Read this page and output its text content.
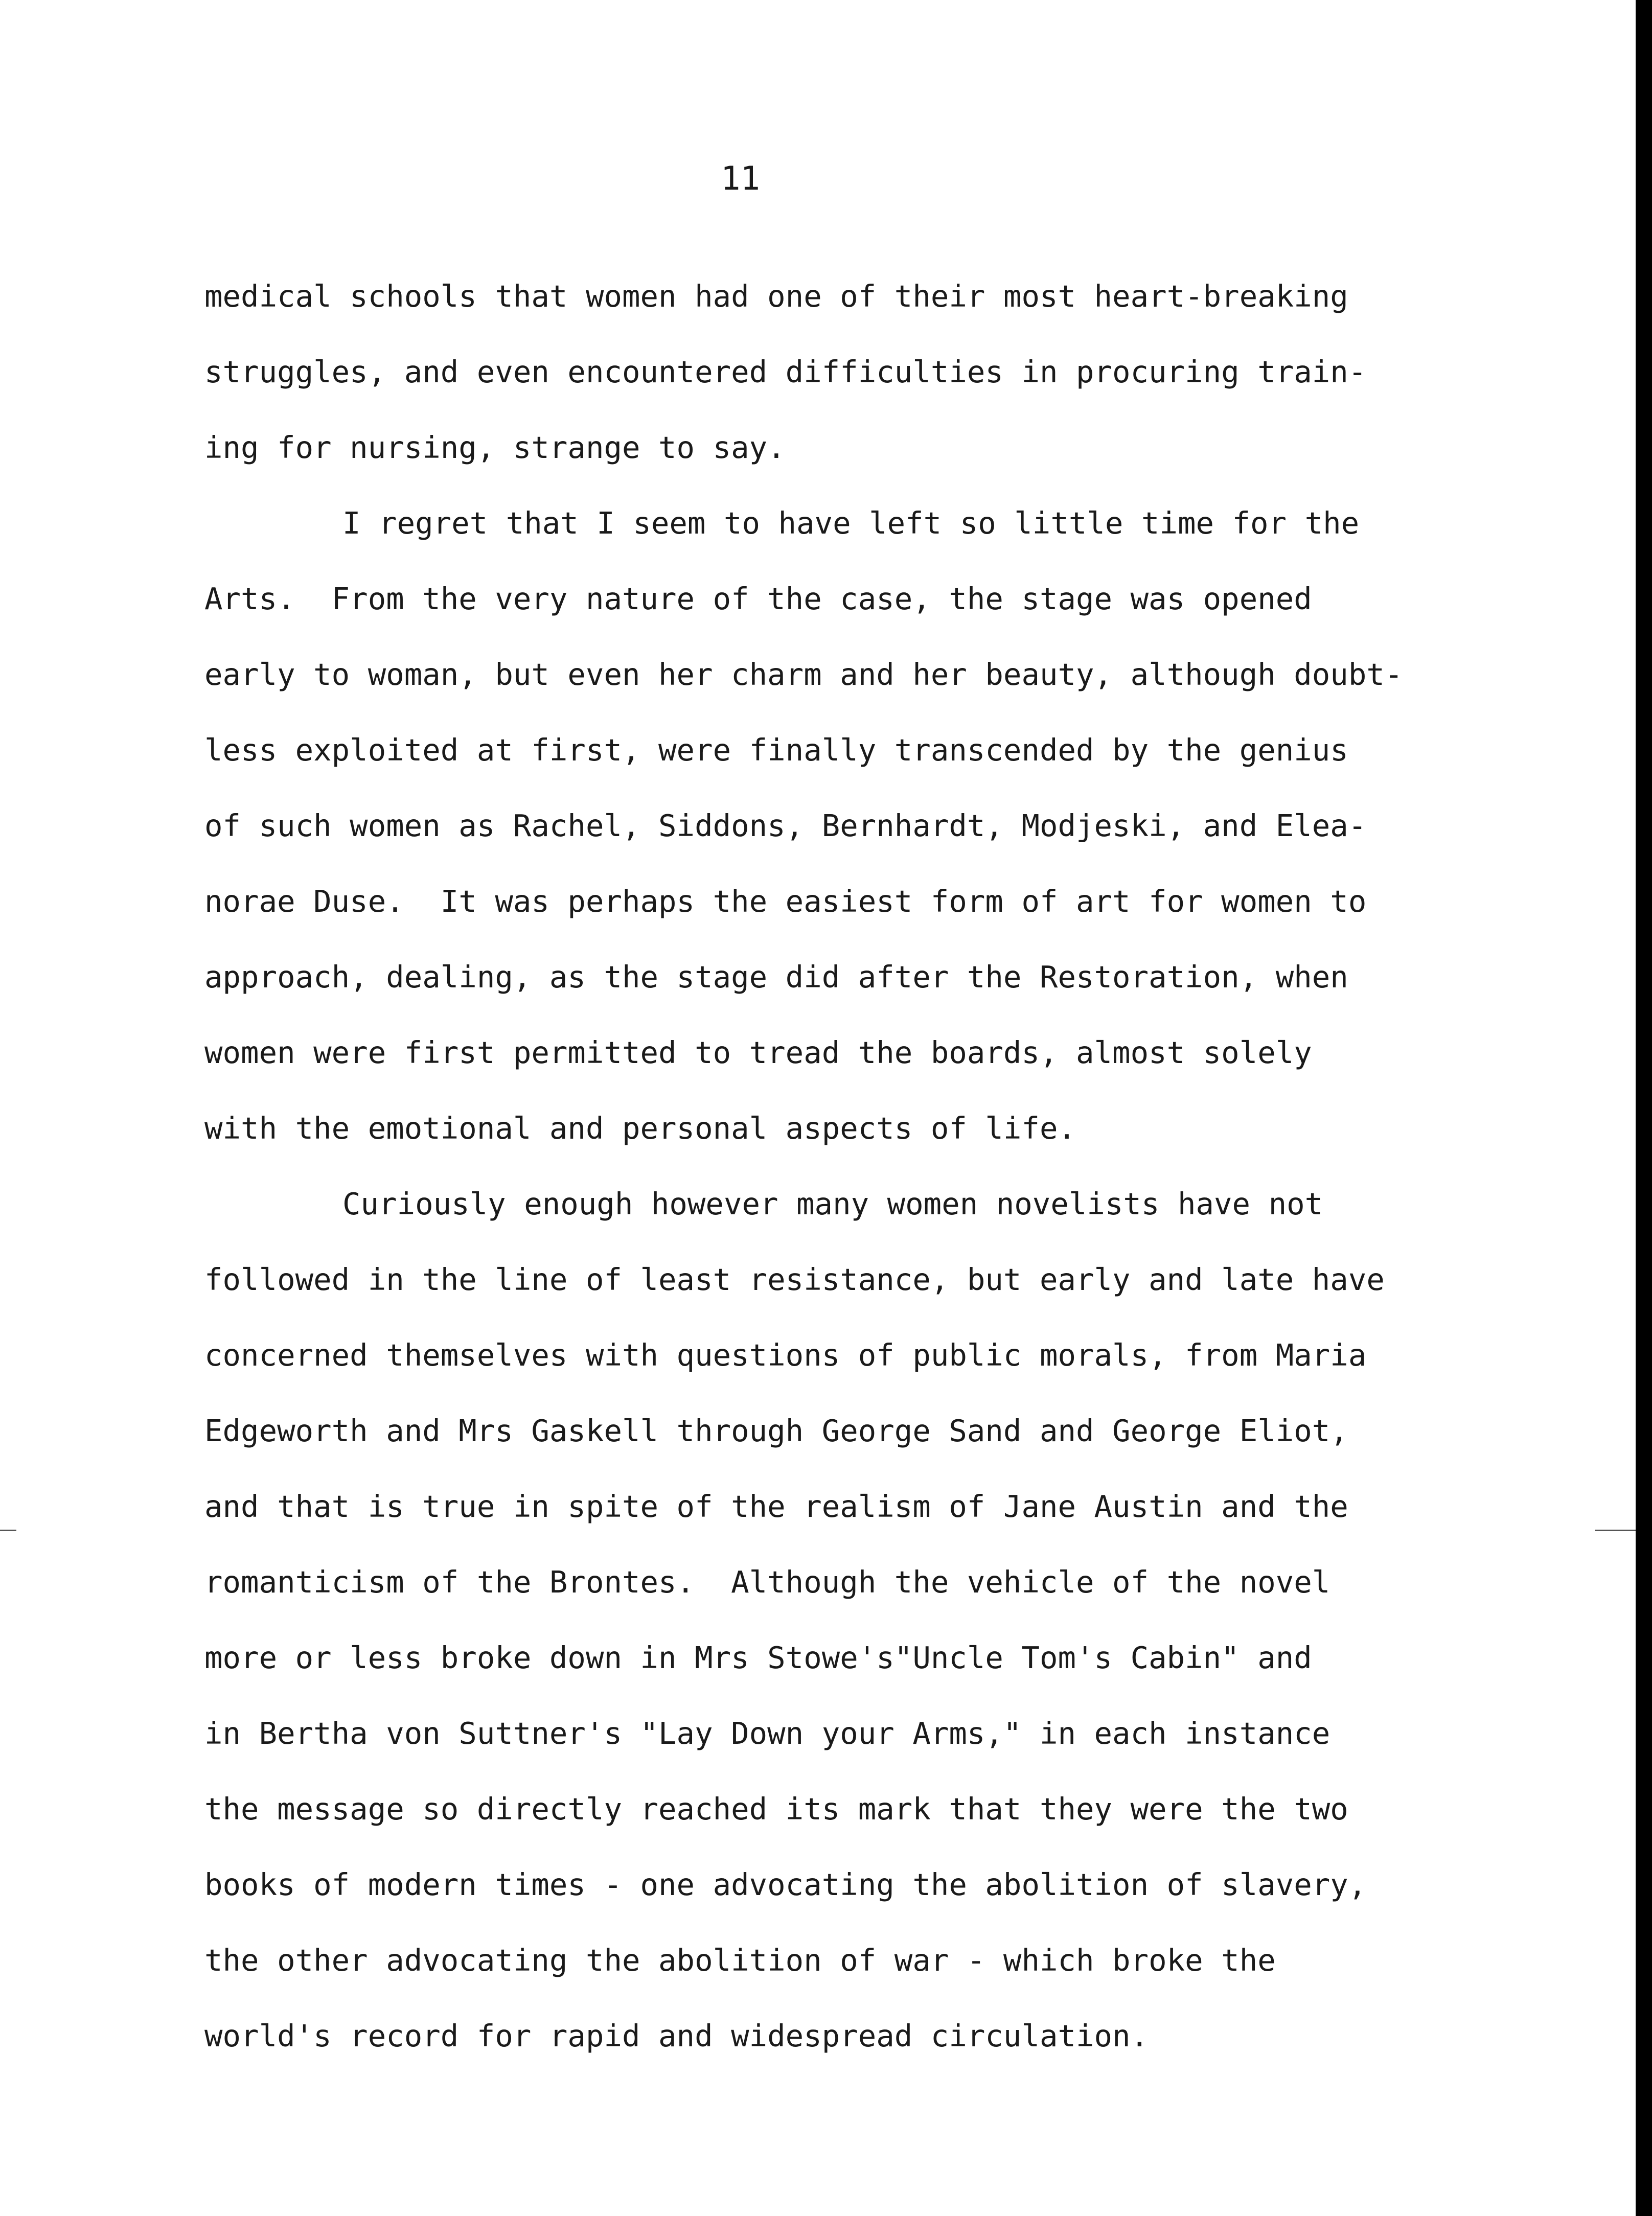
11

medical schools that women had one of their most heart-breaking
struggles, and even encountered difficulties in procuring train-
ing for nursing, strange to say.
I regret that I seem to have left so little time for the
Arts.  From the very nature of the case, the stage was opened
early to woman, but even her charm and her beauty, although doubt-
less exploited at first, were finally transcended by the genius
of such women as Rachel, Siddons, Bernhardt, Modjeski, and Elea-
norae Duse.  It was perhaps the easiest form of art for women to
approach, dealing, as the stage did after the Restoration, when
women were first permitted to tread the boards, almost solely
with the emotional and personal aspects of life.
Curiously enough however many women novelists have not
followed in the line of least resistance, but early and late have
concerned themselves with questions of public morals, from Maria
Edgeworth and Mrs Gaskell through George Sand and George Eliot,
and that is true in spite of the realism of Jane Austin and the
romanticism of the Brontes.  Although the vehicle of the novel
more or less broke down in Mrs Stowe's"Uncle Tom's Cabin" and
in Bertha von Suttner's "Lay Down your Arms," in each instance
the message so directly reached its mark that they were the two
books of modern times - one advocating the abolition of slavery,
the other advocating the abolition of war - which broke the
world's record for rapid and widespread circulation.
